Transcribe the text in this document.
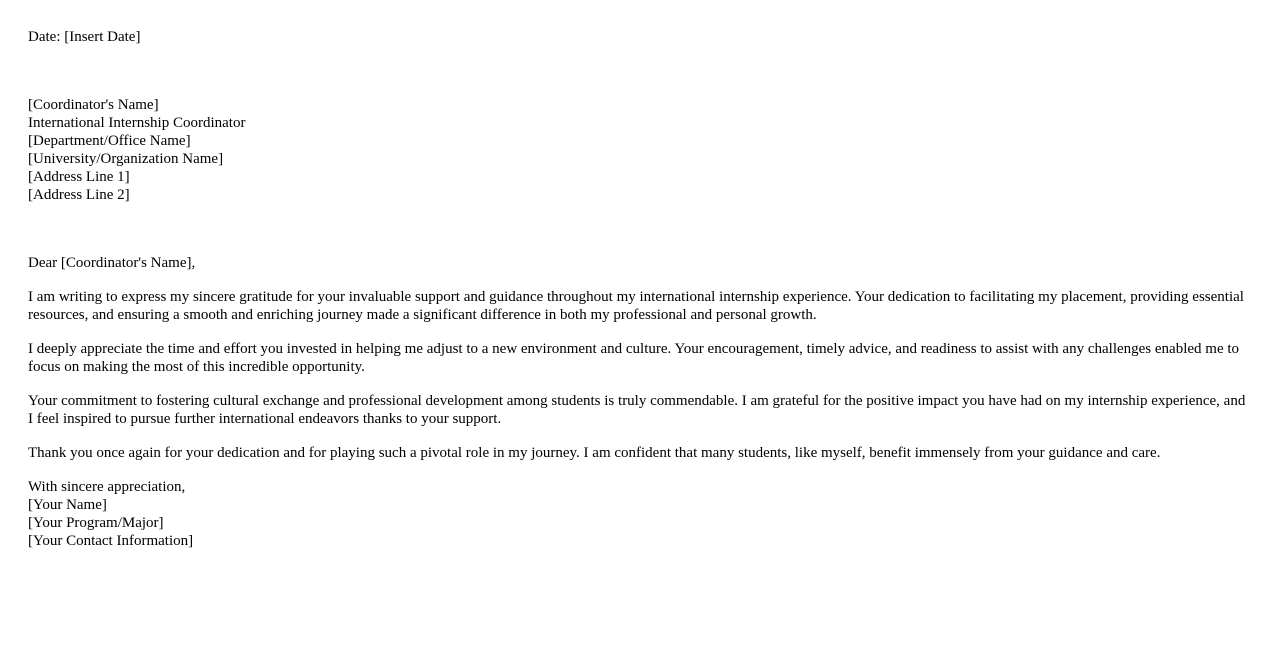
Date: [Insert Date]

[Coordinator's Name]
International Internship Coordinator
[Department/Office Name]
[University/Organization Name]
[Address Line 1]
[Address Line 2]

Dear [Coordinator's Name],

I am writing to express my sincere gratitude for your invaluable support and guidance throughout my international internship experience. Your dedication to facilitating my placement, providing essential resources, and ensuring a smooth and enriching journey made a significant difference in both my professional and personal growth.

I deeply appreciate the time and effort you invested in helping me adjust to a new environment and culture. Your encouragement, timely advice, and readiness to assist with any challenges enabled me to focus on making the most of this incredible opportunity.

Your commitment to fostering cultural exchange and professional development among students is truly commendable. I am grateful for the positive impact you have had on my internship experience, and I feel inspired to pursue further international endeavors thanks to your support.

Thank you once again for your dedication and for playing such a pivotal role in my journey. I am confident that many students, like myself, benefit immensely from your guidance and care.

With sincere appreciation,
[Your Name]
[Your Program/Major]
[Your Contact Information]
